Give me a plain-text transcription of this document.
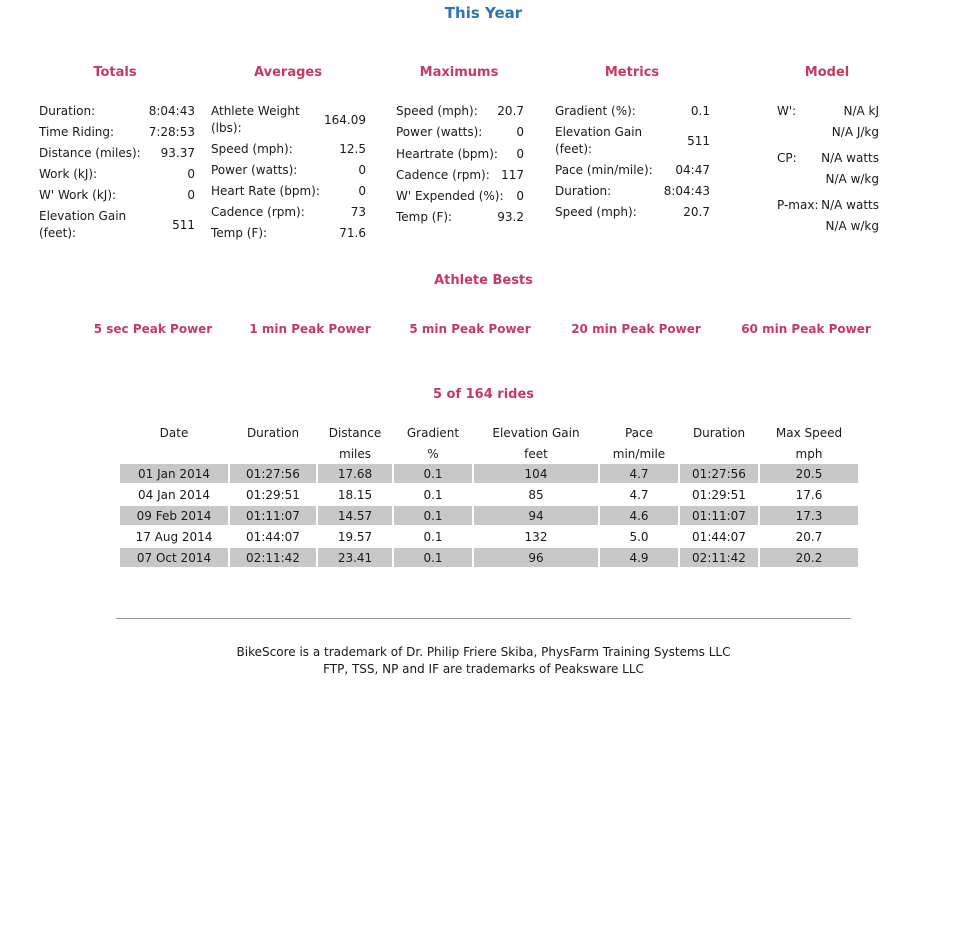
This Year
Totals	Averages	Maximums	Metrics	Model
Duration:	8:04:43
Time Riding:	7:28:53
Distance (miles): 93.37
Work (kJ):	0
W' Work (kJ):	0
Elevation Gain
(feet):
511
Athlete Weight
(lbs):
164.09
Speed (mph):	12.5
Power (watts):	0
Heart Rate (bpm):	0
Cadence (rpm):	73
Temp (F):	71.6
Speed (mph): 20.7
Power (watts):	0
Heartrate (bpm): 0
Cadence (rpm): 117
W' Expended (%): 0
Temp (F):	93.2
Gradient (%):	0.1
Elevation Gain
(feet):
511
Pace (min/mile): 04:47
Duration:	8:04:43
Speed (mph):	20.7
W':	N/A kJ
N/A J/kg
CP: N/A watts
N/A w/kg
P-max: N/A watts
N/A w/kg
Athlete Bests
5 sec Peak Power	1 min Peak Power	5 min Peak Power	20 min Peak Power	60 min Peak Power
5 of 164 rides
Date	Duration	Distance	Gradient	Elevation Gain	Pace	Duration	Max Speed
		miles	%	feet	min/mile		mph
01 Jan 2014	01:27:56	17.68	0.1	104	4.7	01:27:56	20.5
04 Jan 2014	01:29:51	18.15	0.1	85	4.7	01:29:51	17.6
09 Feb 2014	01:11:07	14.57	0.1	94	4.6	01:11:07	17.3
17 Aug 2014	01:44:07	19.57	0.1	132	5.0	01:44:07	20.7
07 Oct 2014	02:11:42	23.41	0.1	96	4.9	02:11:42	20.2
BikeScore is a trademark of Dr. Philip Friere Skiba, PhysFarm Training Systems LLC
FTP, TSS, NP and IF are trademarks of Peaksware LLC
